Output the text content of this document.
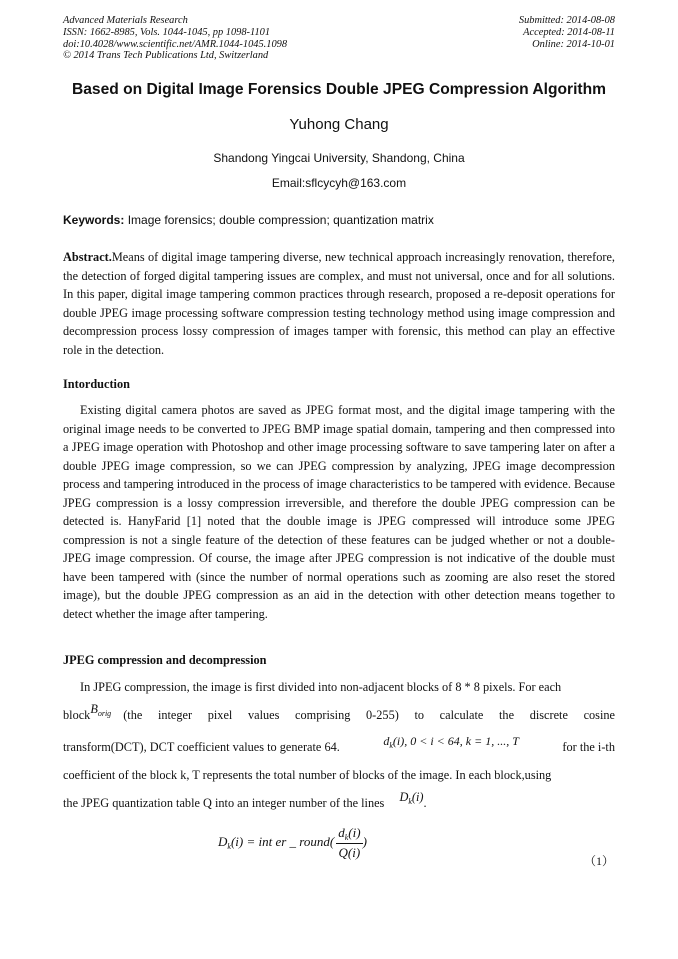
Advanced Materials Research
ISSN: 1662-8985, Vols. 1044-1045, pp 1098-1101
doi:10.4028/www.scientific.net/AMR.1044-1045.1098
© 2014 Trans Tech Publications Ltd, Switzerland
Submitted: 2014-08-08
Accepted: 2014-08-11
Online: 2014-10-01
Based on Digital Image Forensics Double JPEG Compression Algorithm
Yuhong Chang
Shandong Yingcai University, Shandong, China
Email:sflcycyh@163.com
Keywords: Image forensics; double compression; quantization matrix
Abstract.Means of digital image tampering diverse, new technical approach increasingly renovation, therefore, the detection of forged digital tampering issues are complex, and must not universal, once and for all solutions. In this paper, digital image tampering common practices through research, proposed a re-deposit operations for double JPEG image processing software compression testing technology method using image compression and decompression process lossy compression of images tamper with forensic, this method can play an effective role in the detection.
Intorduction
Existing digital camera photos are saved as JPEG format most, and the digital image tampering with the original image needs to be converted to JPEG BMP image spatial domain, tampering and then compressed into a JPEG image operation with Photoshop and other image processing software to save tampering later on after a double JPEG image compression, so we can JPEG compression by analyzing, JPEG image decompression process and tampering introduced in the process of image characteristics to be tampered with evidence. Because JPEG compression is a lossy compression irreversible, and therefore the double JPEG compression can be detected is. HanyFarid [1] noted that the double image is JPEG compressed will introduce some JPEG compression is not a single feature of the detection of these features can be judged whether or not a double-JPEG image compression. Of course, the image after JPEG compression is not indicative of the double must have been tampered with (since the number of normal operations such as zooming are also reset the stored image), but the double JPEG compression as an aid in the detection with other detection means together to detect whether the image after tampering.
JPEG compression and decompression
In JPEG compression, the image is first divided into non-adjacent blocks of 8 * 8 pixels. For each
block $B_{orig}$ (the integer pixel values comprising 0-255) to calculate the discrete cosine
transform(DCT), DCT coefficient values to generate 64.	$d_k(i)$, 0 < i < 64, k = 1, ..., T	for the i-th
coefficient of the block k, T represents the total number of blocks of the image. In each block,using
the JPEG quantization table Q into an integer number of the lines $D_k(i)$.
$D_k(i)$ = int er _ round( $\frac{d_k(i)}{Q(i)}$ )
（1）
